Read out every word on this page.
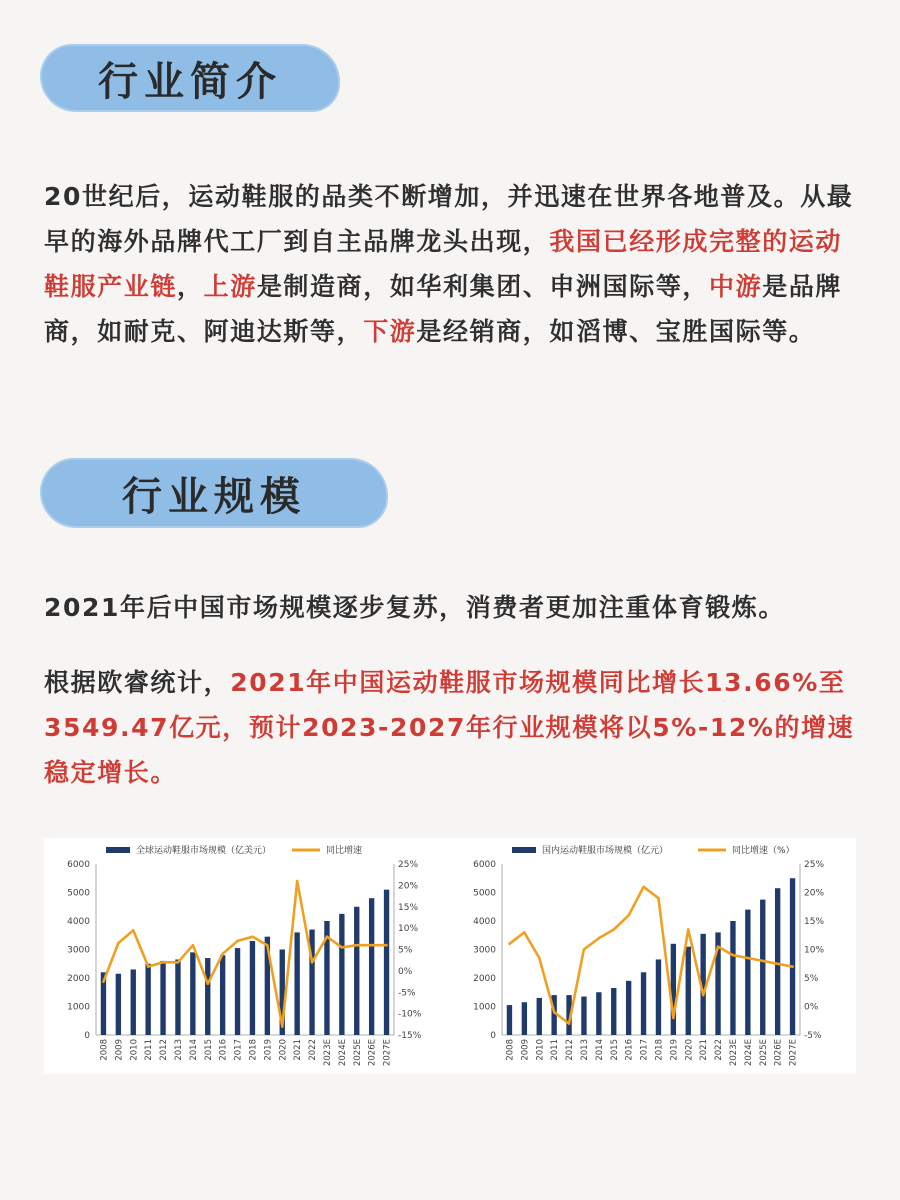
行业简介
20世纪后，运动鞋服的品类不断增加，并迅速在世界各地普及。从最早的海外品牌代工厂到自主品牌龙头出现，我国已经形成完整的运动鞋服产业链，上游是制造商，如华利集团、申洲国际等，中游是品牌商，如耐克、阿迪达斯等，下游是经销商，如滔博、宝胜国际等。
行业规模
2021年后中国市场规模逐步复苏，消费者更加注重体育锻炼。
根据欧睿统计，2021年中国运动鞋服市场规模同比增长13.66%至3549.47亿元，预计2023-2027年行业规模将以5%-12%的增速稳定增长。
全球运动鞋服市场规模（亿美元）	同比增速
6000
5000
4000
3000
2000
1000
0
25%
20%
15%
10%
5%
0%
-5%
-10%
-15%
2008 2009 2010 2011 2012 2013 2014 2015 2016 2017 2018 2019 2020 2021 2022 2023E 2024E 2025E 2026E 2027E
国内运动鞋服市场规模（亿元）	同比增速（%）
6000
5000
4000
3000
2000
1000
0
25%
20%
15%
10%
5%
0%
-5%
2008 2009 2010 2011 2012 2013 2014 2015 2016 2017 2018 2019 2020 2021 2022 2023E 2024E 2025E 2026E 2027E
